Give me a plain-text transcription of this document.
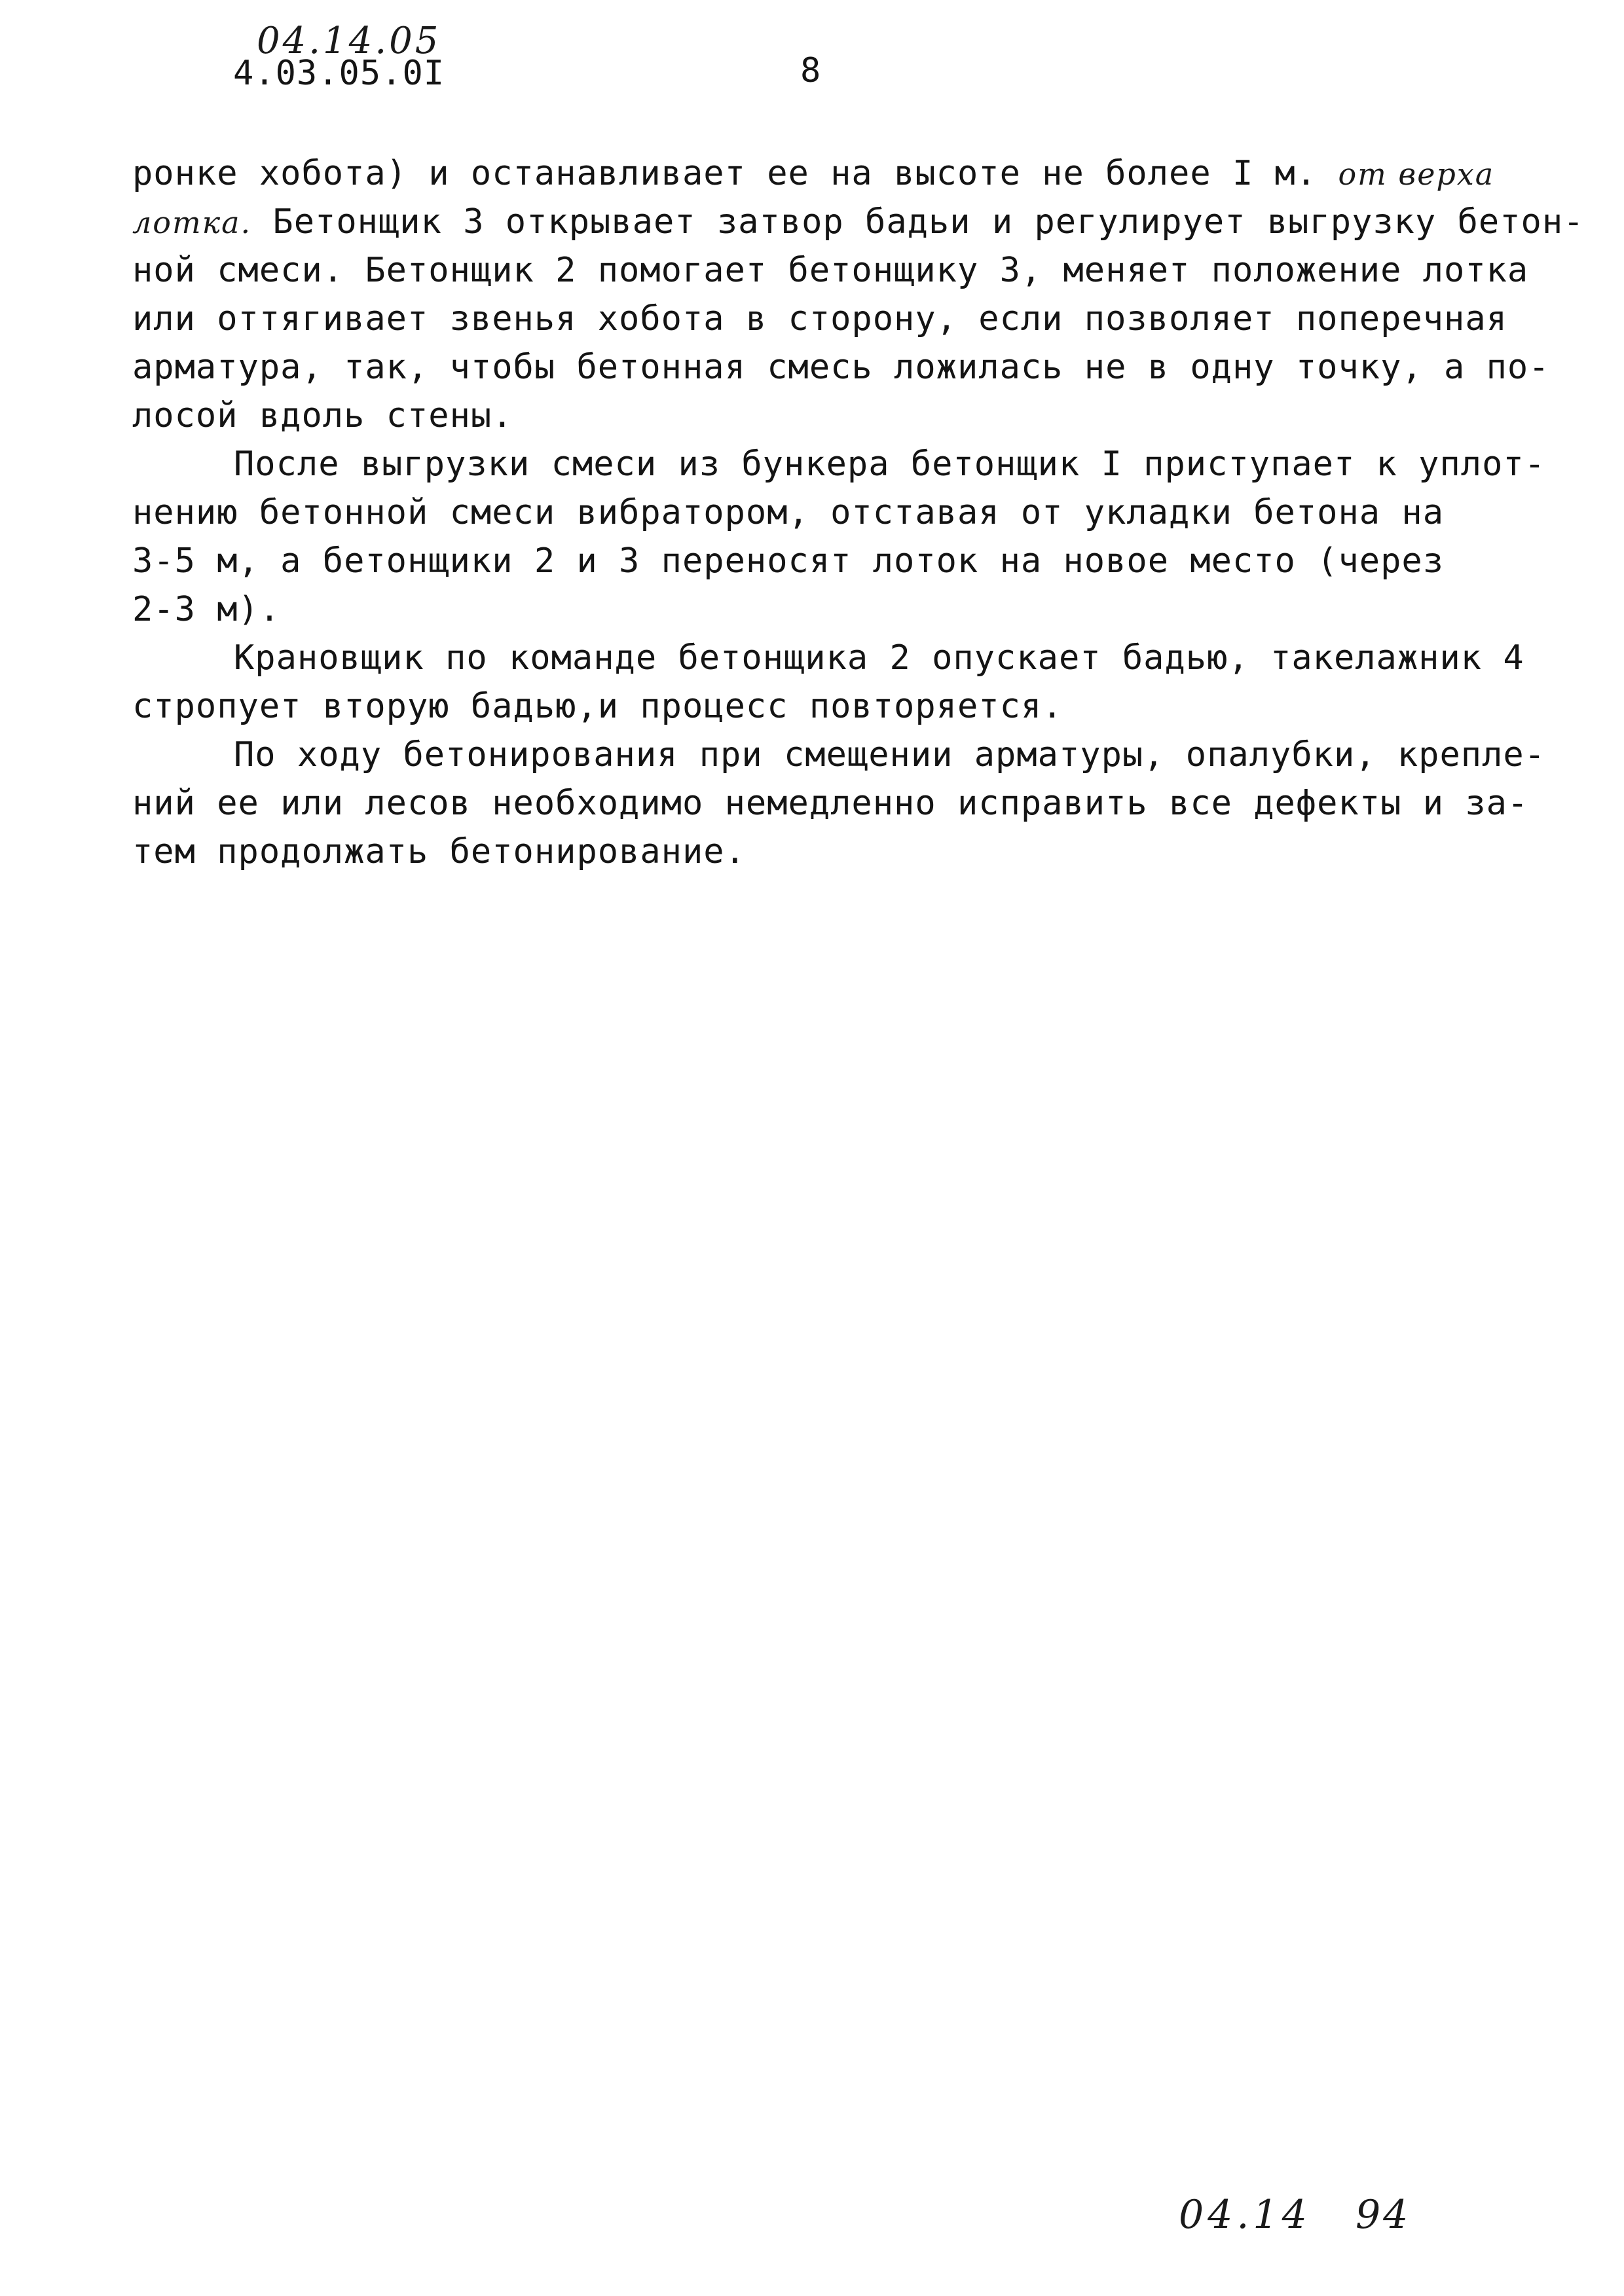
04.14.05
4.03.05.0I	8
ронке хобота) и останавливает ее на высоте не более I м. от верха
лотка. Бетонщик 3 открывает затвор бадьи и регулирует выгрузку бетон-
ной смеси. Бетонщик 2 помогает бетонщику 3, меняет положение лотка
или оттягивает звенья хобота в сторону, если позволяет поперечная
арматура, так, чтобы бетонная смесь ложилась не в одну точку, а по-
лосой вдоль стены.
После выгрузки смеси из бункера бетонщик I приступает к уплот-
нению бетонной смеси вибратором, отставая от укладки бетона на
3-5 м, а бетонщики 2 и 3 переносят лоток на новое место (через
2-3 м).
Крановщик по команде бетонщика 2 опускает бадью, такелажник 4
стропует вторую бадью,и процесс повторяется.
По ходу бетонирования при смещении арматуры, опалубки, крепле-
ний ее или лесов необходимо немедленно исправить все дефекты и за-
тем продолжать бетонирование.
04.14 94
